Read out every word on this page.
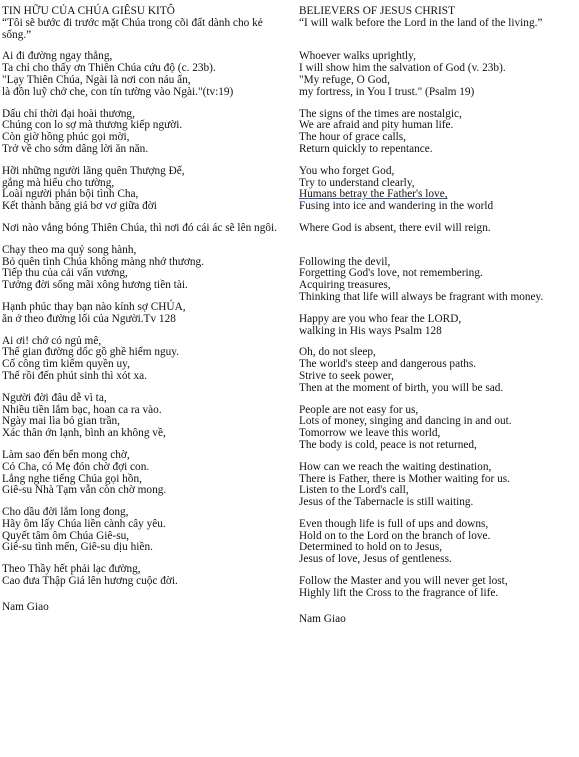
TIN HỮU CỦA CHÚA GIÊSU KITÔ
“Tôi sẽ bước đi trước mặt Chúa trong cõi đất dành cho kẻ sống.”
Ai đi đường ngay thẳng,
Ta chỉ cho thấy ơn Thiên Chúa cứu độ (c. 23b).
"Lạy Thiên Chúa, Ngài là nơi con náu ẩn,
là đồn luỹ chở che, con tín tường vào Ngài."(tv:19)
Dấu chỉ thời đại hoài thương,
Chúng con lo sợ mà thương kiếp người.
Còn giờ hồng phúc gọi mời,
Trở về cho sớm dâng lời ăn năn.
Hỡi những người lãng quên Thượng Đế,
gắng mà hiểu cho tường,
Loài người phản bội tình Cha,
Kết thành băng giá bơ vơ giữa đời
Nơi nào vắng bóng Thiên Chúa, thì nơi đó cái ác sẽ lên ngôi.
Chạy theo ma quỷ song hành,
Bỏ quên tình Chúa không màng nhớ thương.
Tiếp thu của cải vấn vương,
Tưởng đời sống mãi xông hương tiền tài.
Hạnh phúc thay bạn nào kính sợ CHÚA,
ăn ở theo đường lối của Người.Tv 128
Ai ơi! chớ có ngủ mê,
Thế gian đường dốc gồ ghề hiểm nguy.
Cố công tìm kiếm quyền uy,
Thế rồi đến phút sinh thì xót xa.
Người đời đâu dễ vì ta,
Nhiều tiền lắm bạc, hoan ca ra vào.
Ngày mai lìa bỏ gian trần,
Xác thân ớn lạnh, bình an không về,
Làm sao đến bến mong chờ,
Có Cha, có Mẹ đón chờ đợi con.
Lắng nghe tiếng Chúa gọi hồn,
Giê-su Nhà Tạm vẫn còn chờ mong.
Cho dầu đời lắm long đong,
Hãy ôm lấy Chúa liền cành cây yêu.
Quyết tâm ôm Chúa Giê-su,
Giê-su tình mến, Giê-su dịu hiền.
Theo Thầy hết phải lạc đường,
Cao đưa Thập Giá lên hương cuộc đời.
Nam Giao
BELIEVERS OF JESUS CHRIST
“I will walk before the Lord in the land of the living.”

Whoever walks uprightly,
I will show him the salvation of God (v. 23b).
"My refuge, O God,
my fortress, in You I trust." (Psalm 19)
The signs of the times are nostalgic,
We are afraid and pity human life.
The hour of grace calls,
Return quickly to repentance.
You who forget God,
Try to understand clearly,
Humans betray the Father's love,
Fusing into ice and wandering in the world
Where God is absent, there evil will reign.

Following the devil,
Forgetting God's love, not remembering.
Acquiring treasures,
Thinking that life will always be fragrant with money.
Happy are you who fear the LORD,
walking in His ways Psalm 128
Oh, do not sleep,
The world's steep and dangerous paths.
Strive to seek power,
Then at the moment of birth, you will be sad.
People are not easy for us,
Lots of money, singing and dancing in and out.
Tomorrow we leave this world,
The body is cold, peace is not returned,
How can we reach the waiting destination,
There is Father, there is Mother waiting for us.
Listen to the Lord's call,
Jesus of the Tabernacle is still waiting.
Even though life is full of ups and downs,
Hold on to the Lord on the branch of love.
Determined to hold on to Jesus,
Jesus of love, Jesus of gentleness.
Follow the Master and you will never get lost,
Highly lift the Cross to the fragrance of life.
Nam Giao
